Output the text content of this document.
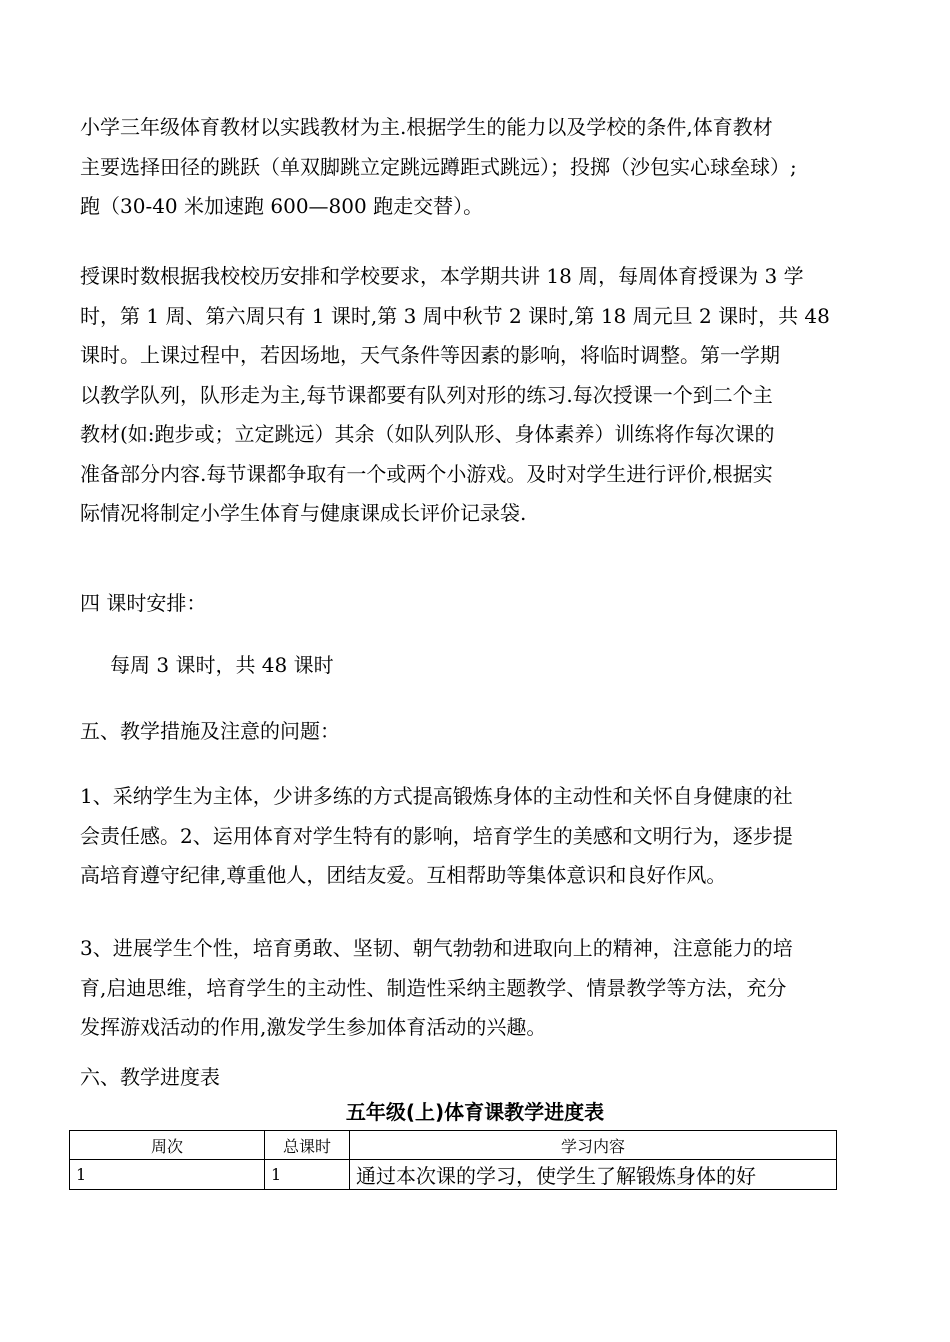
小学三年级体育教材以实践教材为主.根据学生的能力以及学校的条件,体育教材
主要选择田径的跳跃（单双脚跳立定跳远蹲距式跳远）；投掷（沙包实心球垒球）;
跑（30-40 米加速跑 600—800 跑走交替）。

授课时数根据我校校历安排和学校要求，本学期共讲 18 周，每周体育授课为 3 学
时，第 1 周、第六周只有 1 课时,第 3 周中秋节 2 课时,第 18 周元旦 2 课时，共 48
课时。上课过程中，若因场地，天气条件等因素的影响，将临时调整。第一学期
以教学队列，队形走为主,每节课都要有队列对形的练习.每次授课一个到二个主
教材(如:跑步或；立定跳远）其余（如队列队形、身体素养）训练将作每次课的
准备部分内容.每节课都争取有一个或两个小游戏。及时对学生进行评价,根据实
际情况将制定小学生体育与健康课成长评价记录袋.

四 课时安排：

每周 3 课时，共 48 课时

五、教学措施及注意的问题：

1、采纳学生为主体，少讲多练的方式提高锻炼身体的主动性和关怀自身健康的社
会责任感。2、运用体育对学生特有的影响，培育学生的美感和文明行为，逐步提
高培育遵守纪律,尊重他人，团结友爱。互相帮助等集体意识和良好作风。

3、进展学生个性，培育勇敢、坚韧、朝气勃勃和进取向上的精神，注意能力的培
育,启迪思维，培育学生的主动性、制造性采纳主题教学、情景教学等方法，充分
发挥游戏活动的作用,激发学生参加体育活动的兴趣。

六、教学进度表

五年级(上)体育课教学进度表

周次	总课时	学习内容
1	1	通过本次课的学习，使学生了解锻炼身体的好
